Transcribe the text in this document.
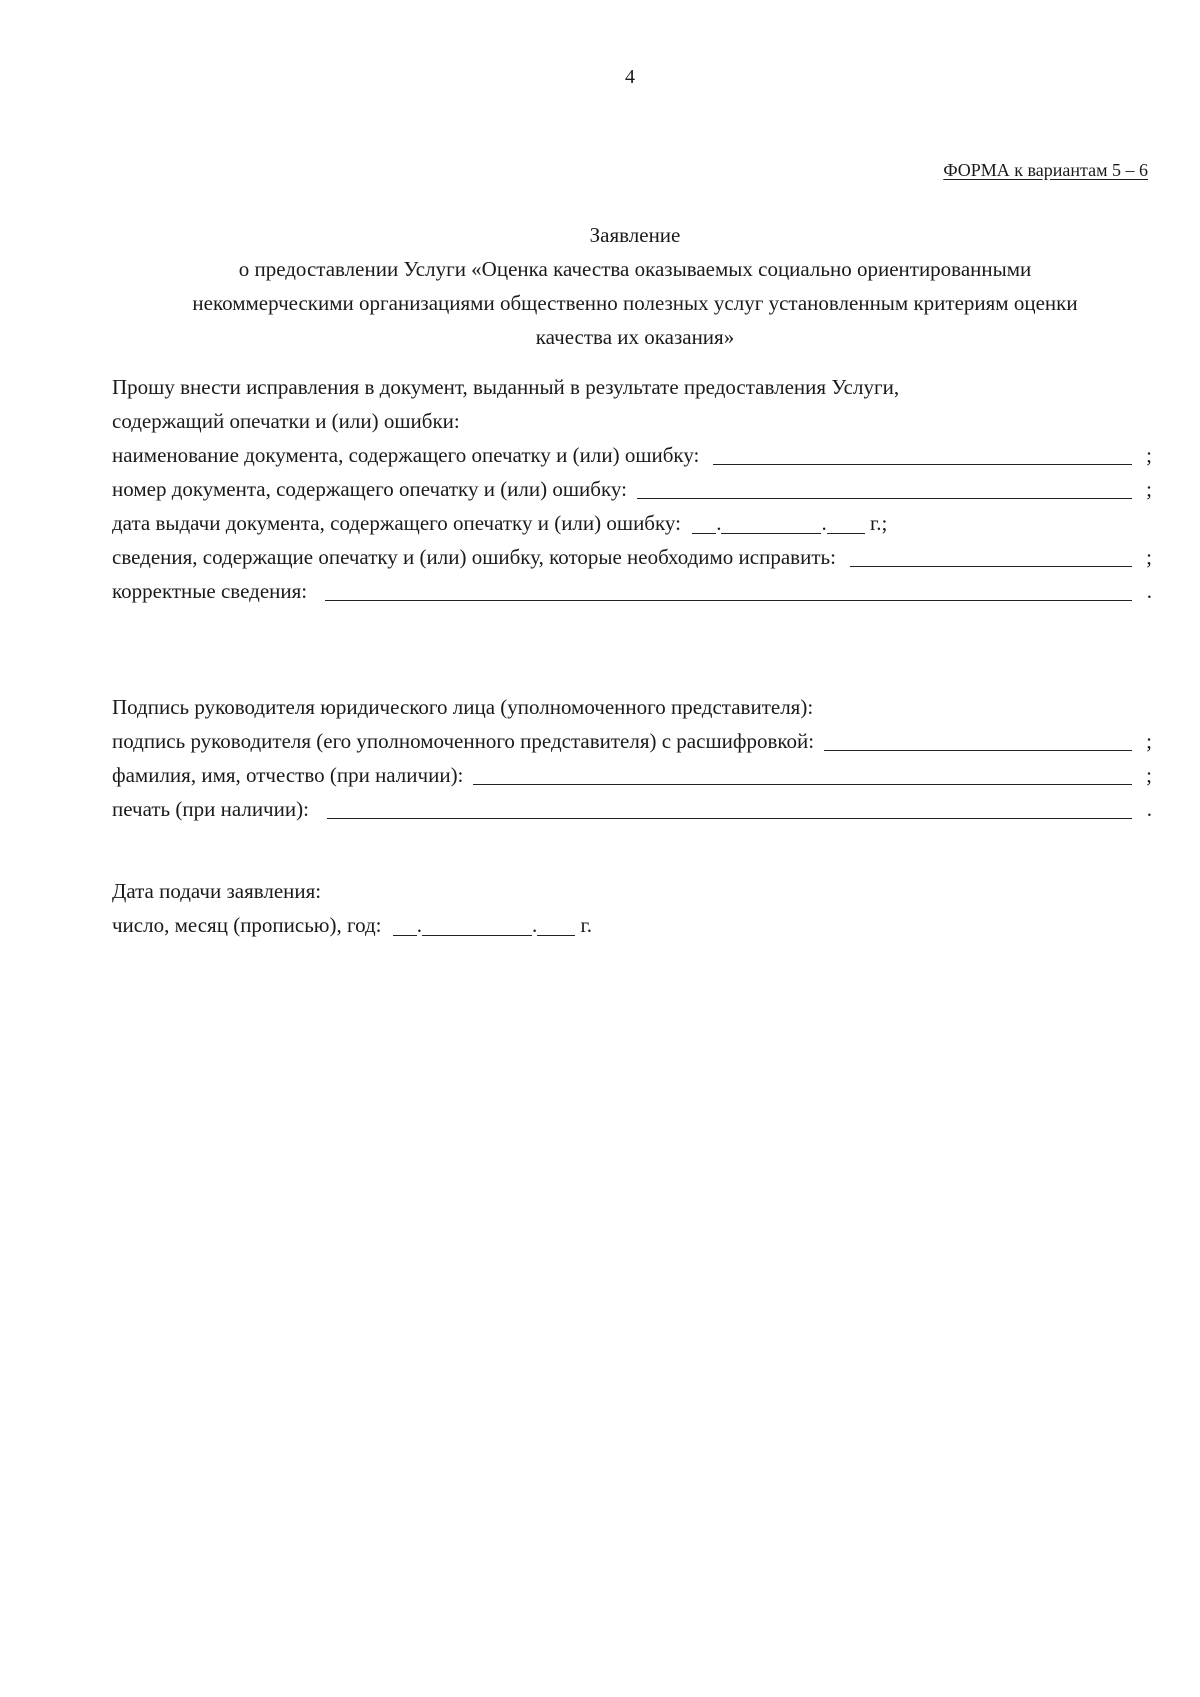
4
ФОРМА к вариантам 5 – 6
Заявление
о предоставлении Услуги «Оценка качества оказываемых социально ориентированными
некоммерческими организациями общественно полезных услуг установленным критериям оценки
качества их оказания»
Прошу внести исправления в документ, выданный в результате предоставления Услуги,
содержащий опечатки и (или) ошибки:
наименование документа, содержащего опечатку и (или) ошибку:	;
номер документа, содержащего опечатку и (или) ошибку:	;
дата выдачи документа, содержащего опечатку и (или) ошибку: .	. г.;
сведения, содержащие опечатку и (или) ошибку, которые необходимо исправить:	;
корректные сведения:	.
Подпись руководителя юридического лица (уполномоченного представителя):
подпись руководителя (его уполномоченного представителя) с расшифровкой:	;
фамилия, имя, отчество (при наличии):	;
печать (при наличии):	.
Дата подачи заявления:
число, месяц (прописью), год: .	. г.
